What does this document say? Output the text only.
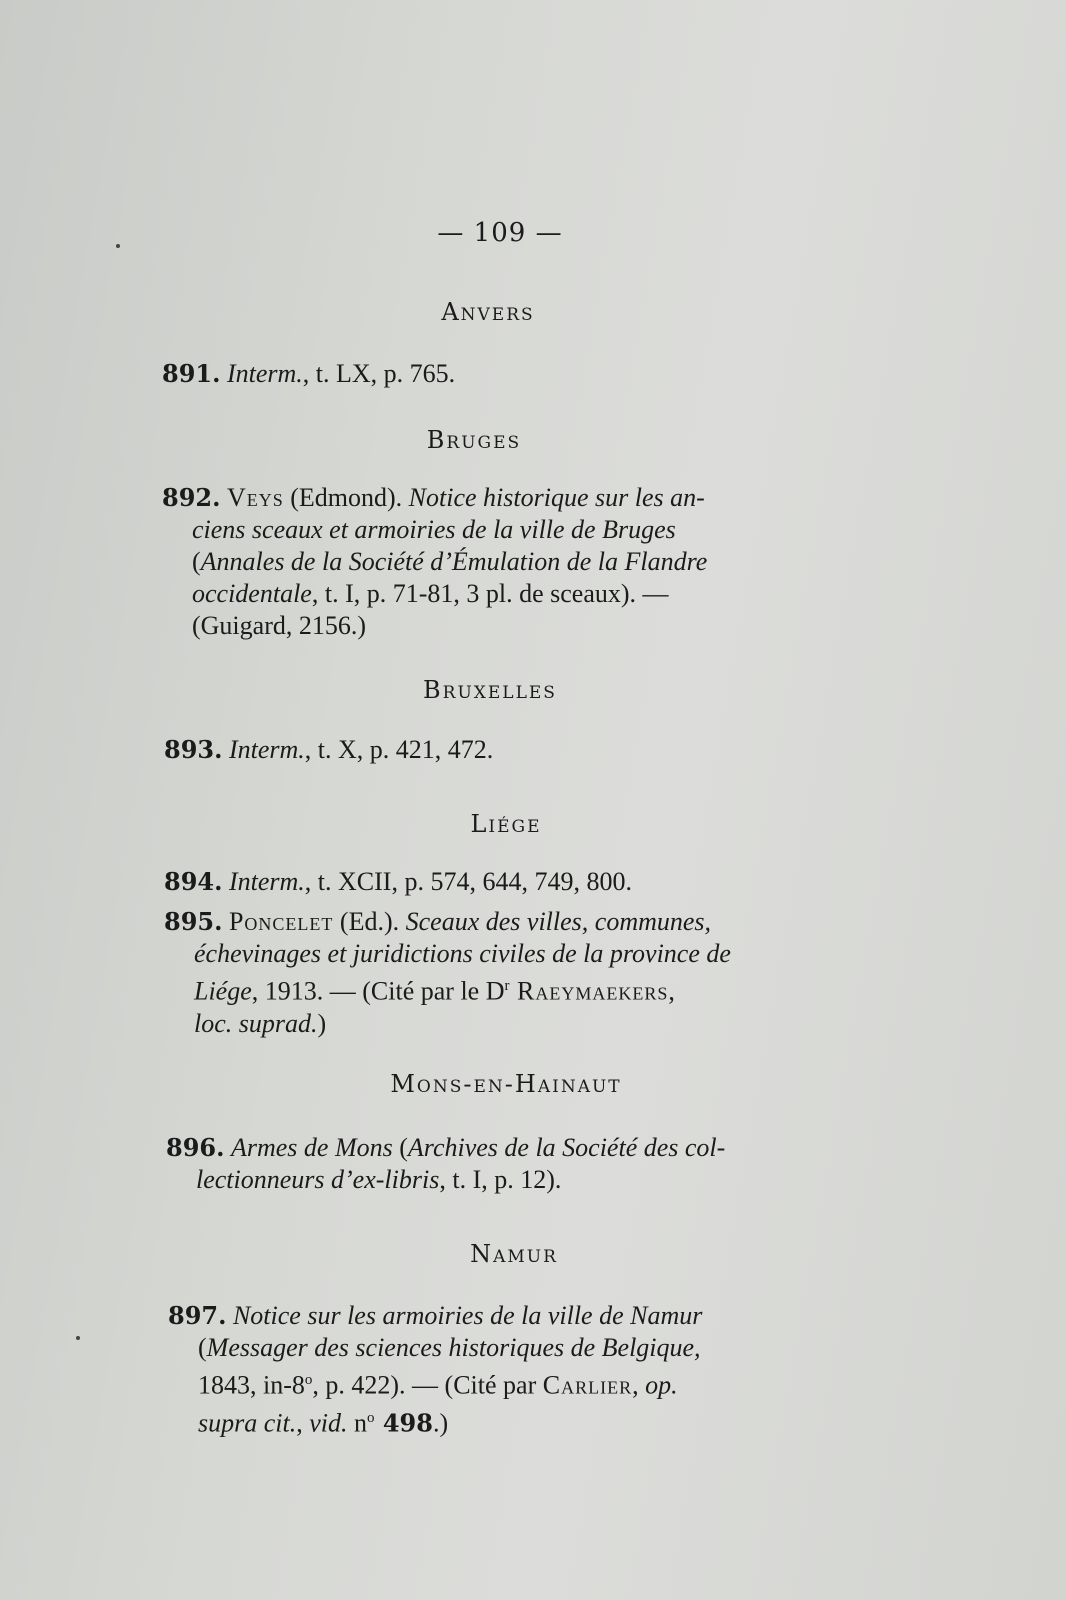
— 109 —
Anvers
891. Interm., t. LX, p. 765.
Bruges
892. Veys (Edmond). Notice historique sur les an-
ciens sceaux et armoiries de la ville de Bruges
(Annales de la Société d’Émulation de la Flandre
occidentale, t. I, p. 71-81, 3 pl. de sceaux). —
(Guigard, 2156.)
Bruxelles
893. Interm., t. X, p. 421, 472.
Liége
894. Interm., t. XCII, p. 574, 644, 749, 800.
895. Poncelet (Ed.). Sceaux des villes, communes,
échevinages et juridictions civiles de la province de
Liége, 1913. — (Cité par le $D^r$ Raeymaekers,
loc. suprad.)
Mons-en-Hainaut
896. Armes de Mons (Archives de la Société des col-
lectionneurs d’ex-libris, t. I, p. 12).
Namur
897. Notice sur les armoiries de la ville de Namur
(Messager des sciences historiques de Belgique,
1843, in-8$^o$, p. 422). — (Cité par Carlier, op.
supra cit., vid. $n^o$ 498.)
